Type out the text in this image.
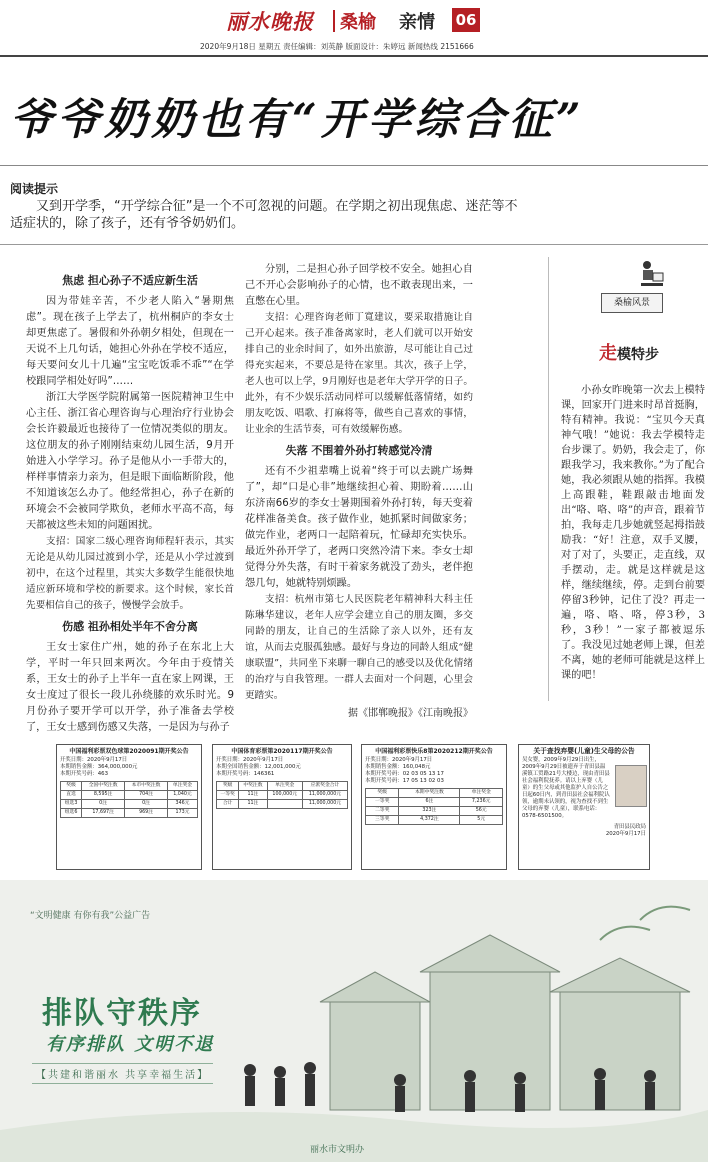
丽水晚报 桑榆 亲情 06
2020年9月18日 星期五 责任编辑：刘英静 版面设计：朱婷远 新闻热线 2151666
爷爷奶奶也有“开学综合征”
阅读提示
又到开学季，“开学综合征”是一个不可忽视的问题。在学期之初出现焦虑、迷茫等不适症状的，除了孩子，还有爷爷奶奶们。
焦虑 担心孙子不适应新生活

因为带娃辛苦，不少老人陷入“暑期焦虑”。现在孩子上学去了，杭州桐庐的李女士却更焦虑了。暑假和外孙朝夕相处，但现在一天说不上几句话，她担心外孙在学校不适应，每天要问女儿十几遍“宝宝吃饭乖不乖”“在学校跟同学相处好吗”……

浙江大学医学院附属第一医院精神卫生中心主任、浙江省心理咨询与心理治疗行业协会会长许毅最近也接待了一位情况类似的朋友。这位朋友的孙子刚刚结束幼儿园生活，9月开始进入小学学习。孙子是他从小一手带大的，样样事情亲力亲为，但是眼下面临断阶段，他不知道该怎么办了。他经常担心，孙子在新的环境会不会被同学欺负，老师水平高不高，每天都被这些未知的问题困扰。

支招：国家二级心理咨询师程轩表示，其实无论是从幼儿园过渡到小学，还是从小学过渡到初中，在这个过程里，其实大多数学生能很快地适应新环境和学校的新要求。这个时候，家长首先要相信自己的孩子，慢慢学会放手。

伤感 祖孙相处半年不舍分离

王女士家住广州，她的孙子在东北上大学，平时一年只回来两次。今年由于疫情关系，王女士的孙子上半年一直在家上网课，王女士度过了很长一段儿孙绕膝的欢乐时光。9月份孙子要开学可以开学，孙子准备去学校了，王女士感到伤感又失落，一是因为与孙子

分别，二是担心孙子回学校不安全。她担心自己不开心会影响孙子的心情，也不敢表现出来，一直憋在心里。

支招：心理咨询老师丁寬建议，要采取措施让自己开心起来。孩子准备离家时，老人们就可以开始安排自己的业余时间了，如外出旅游，尽可能让自己过得充实起来，不要总是待在家里。其次，孩子上学，老人也可以上学，9月刚好也是老年大学开学的日子。此外，有不少娱乐活动同样可以缓解低落情绪，如约朋友吃饭、唱歌、打麻将等，做些自己喜欢的事情，让业余的生活节奏，可有效缓解伤感。

失落 不围着外孙打转感觉冷清

还有不少祖辈嘴上说着“终于可以去跳广场舞了”，却“口是心非”地继续担心着、期盼着……山东济南66岁的李女士暑期围着外孙打转，每天变着花样准备美食。孩子做作业，她抓紧时间做家务；做完作业，老两口一起陪着玩，忙碌却充实快乐。最近外孙开学了，老两口突然冷清下来。李女士却觉得分外失落，有时干着家务就没了劲头，老伴抱怨几句，她就特别烦躁。

支招：杭州市第七人民医院老年精神科大科主任陈琳华建议，老年人应学会建立自己的朋友圈，多交同龄的朋友，让自己的生活除了亲人以外，还有友谊，从而去克服孤独感。最好与身边的同龄人组成“健康联盟”，共同坐下来聊一聊自己的感受以及优化情绪的治疗与自我管理。一群人去面对一个问题，心里会更踏实。

据《邯郸晚报》《江南晚报》
桑榆风景
走模特步
小孙女昨晚第一次去上模特课，回家开门进来时昂首挺胸，特有精神。我说：“宝贝今天真神气哦！”她说：我去学模特走台步课了。奶奶，我会走了，你跟我学习，我来教你。”为了配合她，我必须跟从她的指挥。我模上高跟鞋，鞋跟敲击地面发出“咯、咯、咯”的声音，跟着节拍，我每走几步她就竖起拇指鼓励我：“好！注意，双手叉腰，对了对了，头要正，走直线，双手摆动，走。就是这样就是这样，继续继续，停。走到台前要停留3秒钟，记住了没？再走一遍，咯、咯、咯，停3秒，3秒，3秒！”一家子都被逗乐了。我没见过她老师上课，但差不离，她的老师可能就是这样上课的吧！
中国福利彩票双色球第2020091期开奖公告
开奖日期：2020年9月17日
本期销售金额：364,000,000元
本期开奖号码：463
奖级	全国中奖注数	本市中奖注数	单注奖金
直选	8,595注	704注	1,040元
组选3	0注	0注	346元
组选6	17,697注	969注	173元
中国体育彩票第2020117期开奖公告
开奖日期：2020年9月17日
本期全国销售金额：12,001,000元
本期开奖号码：146361
奖级	中奖注数	单注奖金	应派奖金合计
一等奖	11注	100,000元	11,000,000元
合计	11注		11,000,000元
中国福利彩票快乐8第2020212期开奖公告
开奖日期：2020年9月17日
本期销售金额：160,048元
本期开奖号码：02 03 05 13 17
本期开奖号码：17 05 13 02 03
奖级	本期中奖注数	单注奖金
一等奖	6注	7,236元
二等奖	323注	56元
三等奖	4,372注	5元
关于查找弃婴(儿童)生父母的公告
吴女婴，2009年9月29日出生，2009年9月29日被遗弃于青田县温溪镇工贸路21号大楼边，现由青田县社会福利院抚养。请以上弃婴（儿童）的生父母或其他监护人自公告之日起60日内，到青田县社会福利院认领，逾期未认领的，视为查找不到生父母的弃婴（儿童），联系电话：0578-6501500。
青田县民政局
2020年9月17日
“文明健康 有你有我”公益广告
排队守秩序
有序排队 文明不退
【共建和谐丽水 共享幸福生活】
丽水市文明办
